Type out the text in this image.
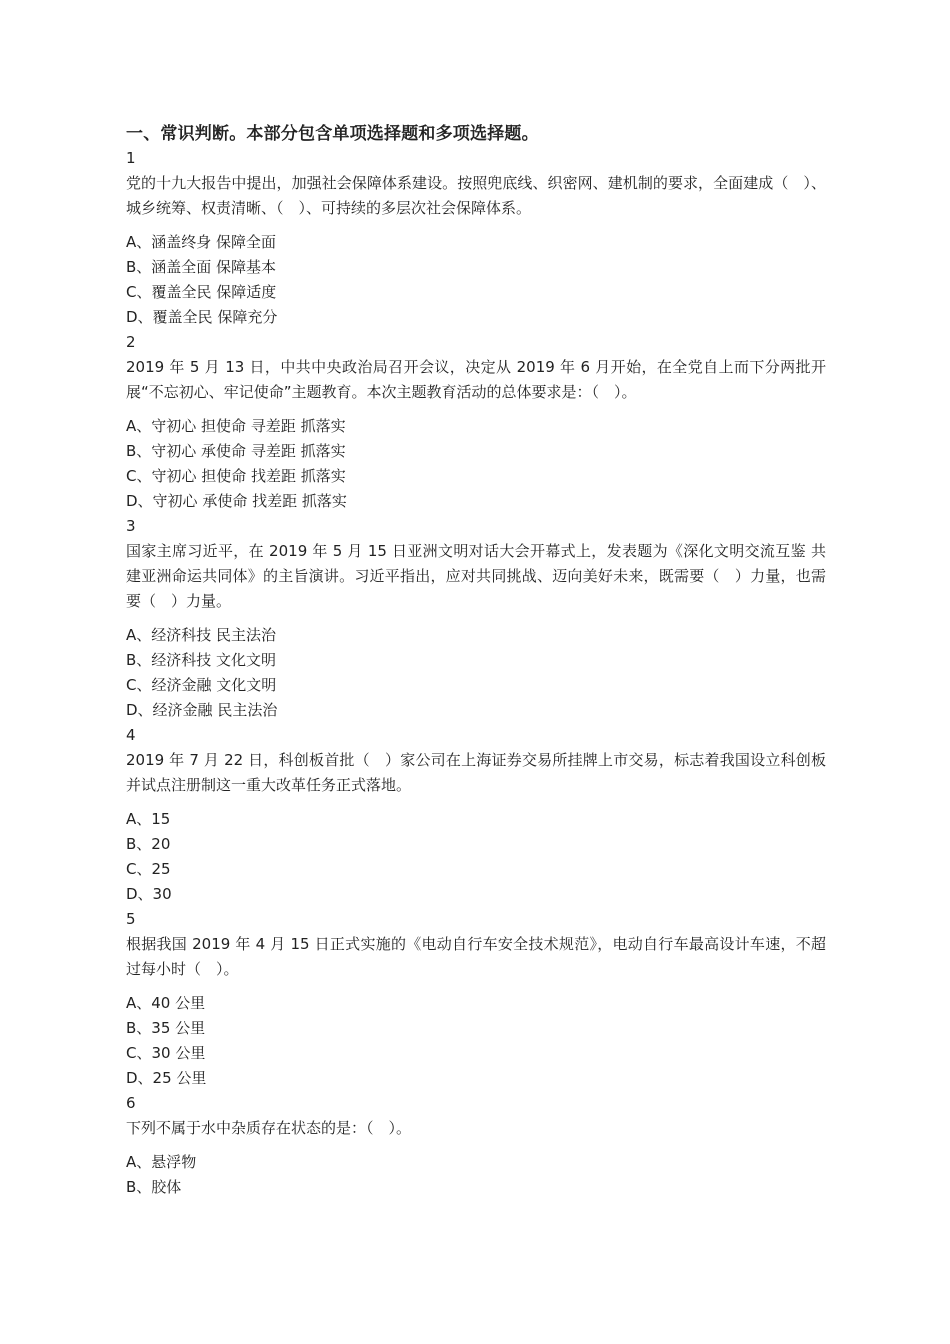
一、常识判断。本部分包含单项选择题和多项选择题。

1

党的十九大报告中提出，加强社会保障体系建设。按照兜底线、织密网、建机制的要求，全面建成（　）、城乡统筹、权责清晰、（　）、可持续的多层次社会保障体系。

A、涵盖终身 保障全面
B、涵盖全面 保障基本
C、覆盖全民 保障适度
D、覆盖全民 保障充分

2

2019 年 5 月 13 日，中共中央政治局召开会议，决定从 2019 年 6 月开始，在全党自上而下分两批开展“不忘初心、牢记使命”主题教育。本次主题教育活动的总体要求是：（　）。

A、守初心 担使命 寻差距 抓落实
B、守初心 承使命 寻差距 抓落实
C、守初心 担使命 找差距 抓落实
D、守初心 承使命 找差距 抓落实

3

国家主席习近平，在 2019 年 5 月 15 日亚洲文明对话大会开幕式上，发表题为《深化文明交流互鉴 共建亚洲命运共同体》的主旨演讲。习近平指出，应对共同挑战、迈向美好未来，既需要（　）力量，也需要（　）力量。

A、经济科技 民主法治
B、经济科技 文化文明
C、经济金融 文化文明
D、经济金融 民主法治

4

2019 年 7 月 22 日，科创板首批（　）家公司在上海证券交易所挂牌上市交易，标志着我国设立科创板并试点注册制这一重大改革任务正式落地。

A、15
B、20
C、25
D、30

5

根据我国 2019 年 4 月 15 日正式实施的《电动自行车安全技术规范》，电动自行车最高设计车速，不超过每小时（　）。

A、40 公里
B、35 公里
C、30 公里
D、25 公里

6

下列不属于水中杂质存在状态的是：（　）。

A、悬浮物
B、胶体
